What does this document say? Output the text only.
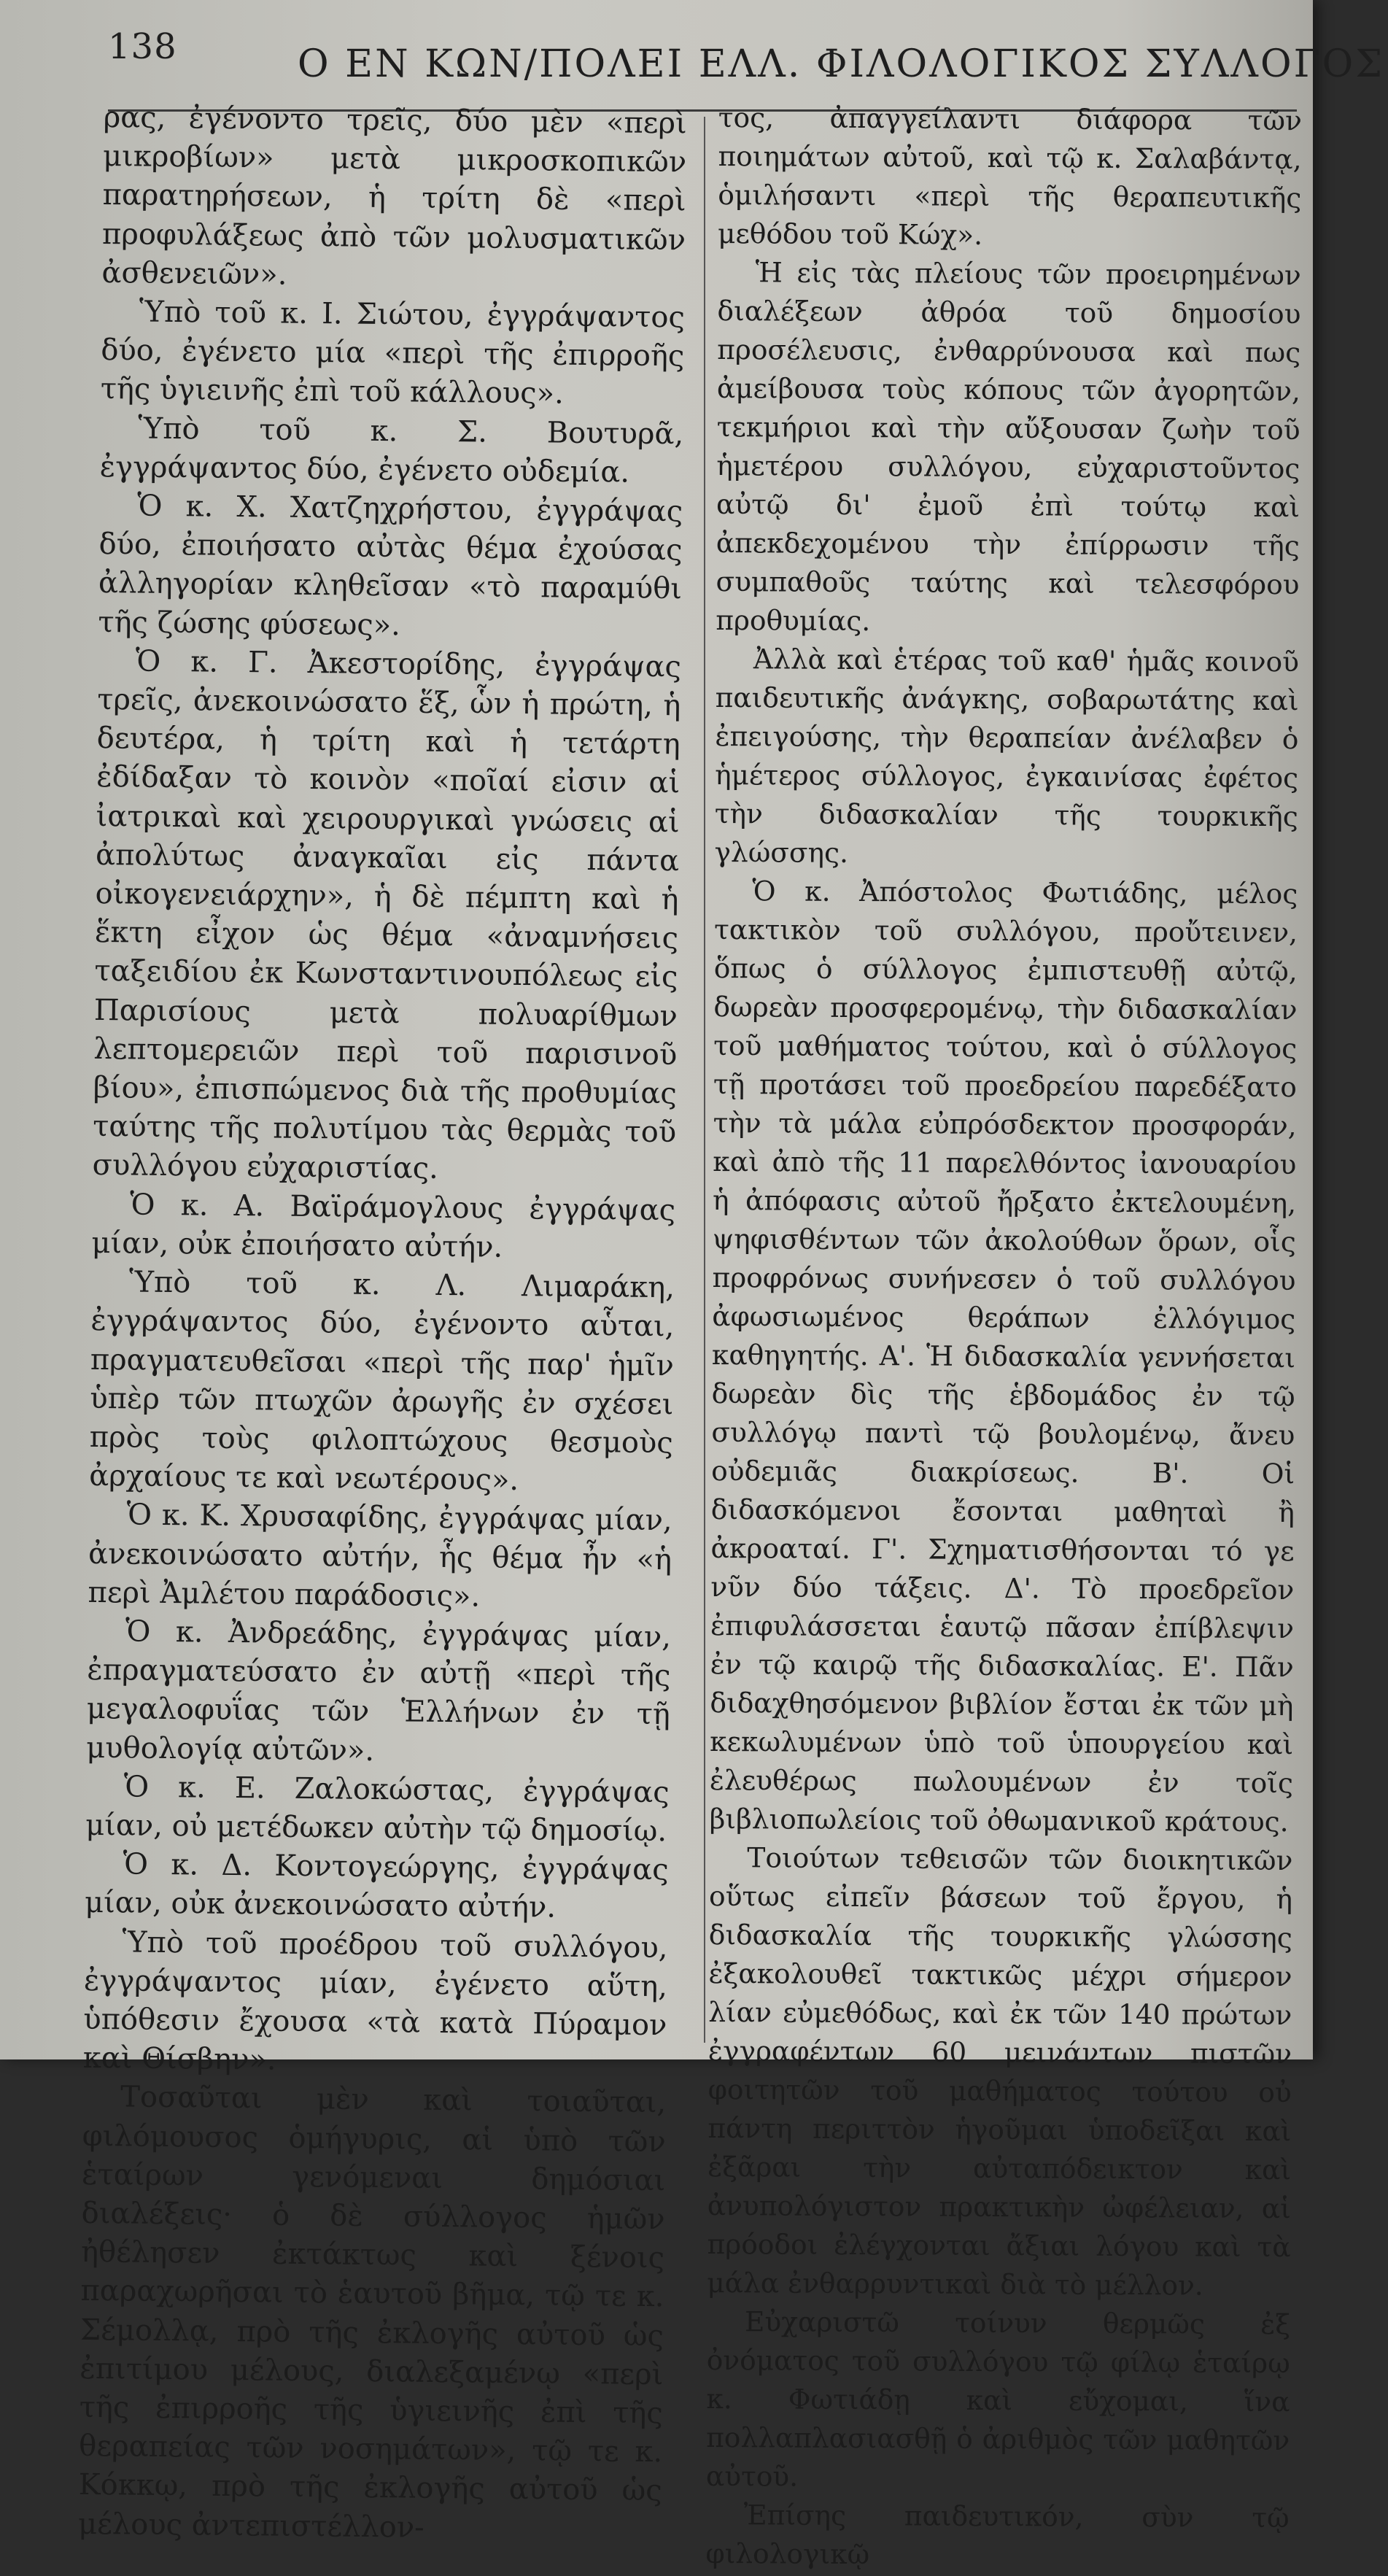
138	Ο ΕΝ ΚΩΝ/ΠΟΛΕΙ ΕΛΛ. ΦΙΛΟΛΟΓΙΚΟΣ ΣΥΛΛΟΓΟΣ

ρας, ἐγένοντο τρεῖς, δύο μὲν «περὶ μικροβίων» μετὰ μικροσκοπικῶν παρατηρήσεων, ἡ τρίτη δὲ «περὶ προφυλάξεως ἀπὸ τῶν μολυσματικῶν ἀσθενειῶν».

Ὑπὸ τοῦ κ. Ι. Σιώτου, ἐγγράψαντος δύο, ἐγένετο μία «περὶ τῆς ἐπιρροῆς τῆς ὑγιεινῆς ἐπὶ τοῦ κάλλους».

Ὑπὸ τοῦ κ. Σ. Βουτυρᾶ, ἐγγράψαντος δύο, ἐγένετο οὐδεμία.

Ὁ κ. Χ. Χατζηχρήστου, ἐγγράψας δύο, ἐποιήσατο αὐτὰς θέμα ἐχούσας ἀλληγορίαν κληθεῖσαν «τὸ παραμύθι τῆς ζώσης φύσεως».

Ὁ κ. Γ. Ἀκεστορίδης, ἐγγράψας τρεῖς, ἀνεκοινώσατο ἕξ, ὧν ἡ πρώτη, ἡ δευτέρα, ἡ τρίτη καὶ ἡ τετάρτη ἐδίδαξαν τὸ κοινὸν «ποῖαί εἰσιν αἱ ἰατρικαὶ καὶ χειρουργικαὶ γνώσεις αἱ ἀπολύτως ἀναγκαῖαι εἰς πάντα οἰκογενειάρχην», ἡ δὲ πέμπτη καὶ ἡ ἕκτη εἶχον ὡς θέμα «ἀναμνήσεις ταξειδίου ἐκ Κωνσταντινουπόλεως εἰς Παρισίους μετὰ πολυαρίθμων λεπτομερειῶν περὶ τοῦ παρισινοῦ βίου», ἐπισπώμενος διὰ τῆς προθυμίας ταύτης τῆς πολυτίμου τὰς θερμὰς τοῦ συλλόγου εὐχαριστίας.

Ὁ κ. Α. Βαϊράμογλους ἐγγράψας μίαν, οὐκ ἐποιήσατο αὐτήν.

Ὑπὸ τοῦ κ. Λ. Λιμαράκη, ἐγγράψαντος δύο, ἐγένοντο αὗται, πραγματευθεῖσαι «περὶ τῆς παρ' ἡμῖν ὑπὲρ τῶν πτωχῶν ἀρωγῆς ἐν σχέσει πρὸς τοὺς φιλοπτώχους θεσμοὺς ἀρχαίους τε καὶ νεωτέρους».

Ὁ κ. Κ. Χρυσαφίδης, ἐγγράψας μίαν, ἀνεκοινώσατο αὐτήν, ἧς θέμα ἦν «ἡ περὶ Ἀμλέτου παράδοσις».

Ὁ κ. Ἀνδρεάδης, ἐγγράψας μίαν, ἐπραγματεύσατο ἐν αὐτῇ «περὶ τῆς μεγαλοφυΐας τῶν Ἑλλήνων ἐν τῇ μυθολογίᾳ αὐτῶν».

Ὁ κ. Ε. Ζαλοκώστας, ἐγγράψας μίαν, οὐ μετέδωκεν αὐτὴν τῷ δημοσίῳ.

Ὁ κ. Δ. Κοντογεώργης, ἐγγράψας μίαν, οὐκ ἀνεκοινώσατο αὐτήν.

Ὑπὸ τοῦ προέδρου τοῦ συλλόγου, ἐγγράψαντος μίαν, ἐγένετο αὕτη, ὑπόθεσιν ἔχουσα «τὰ κατὰ Πύραμον καὶ Θίσβην».

Τοσαῦται μὲν καὶ τοιαῦται, φιλόμουσος ὁμήγυρις, αἱ ὑπὸ τῶν ἑταίρων γενόμεναι δημόσιαι διαλέξεις· ὁ δὲ σύλλογος ἡμῶν ἠθέλησεν ἐκτάκτως καὶ ξένοις παραχωρῆσαι τὸ ἑαυτοῦ βῆμα, τῷ τε κ. Σέμολλᾳ, πρὸ τῆς ἐκλογῆς αὐτοῦ ὡς ἐπιτίμου μέλους, διαλεξαμένῳ «περὶ τῆς ἐπιρροῆς τῆς ὑγιεινῆς ἐπὶ τῆς θεραπείας τῶν νοσημάτων», τῷ τε κ. Κόκκῳ, πρὸ τῆς ἐκλογῆς αὐτοῦ ὡς μέλους ἀντεπιστέλλον-

τος, ἀπαγγείλαντι διάφορα τῶν ποιημάτων αὐτοῦ, καὶ τῷ κ. Σαλαβάντᾳ, ὁμιλήσαντι «περὶ τῆς θεραπευτικῆς μεθόδου τοῦ Κώχ».

Ἡ εἰς τὰς πλείους τῶν προειρημένων διαλέξεων ἀθρόα τοῦ δημοσίου προσέλευσις, ἐνθαρρύνουσα καὶ πως ἀμείβουσα τοὺς κόπους τῶν ἀγορητῶν, τεκμήριοι καὶ τὴν αὔξουσαν ζωὴν τοῦ ἡμετέρου συλλόγου, εὐχαριστοῦντος αὐτῷ δι' ἐμοῦ ἐπὶ τούτῳ καὶ ἀπεκδεχομένου τὴν ἐπίρρωσιν τῆς συμπαθοῦς ταύτης καὶ τελεσφόρου προθυμίας.

Ἀλλὰ καὶ ἑτέρας τοῦ καθ' ἡμᾶς κοινοῦ παιδευτικῆς ἀνάγκης, σοβαρωτάτης καὶ ἐπειγούσης, τὴν θεραπείαν ἀνέλαβεν ὁ ἡμέτερος σύλλογος, ἐγκαινίσας ἐφέτος τὴν διδασκαλίαν τῆς τουρκικῆς γλώσσης.

Ὁ κ. Ἀπόστολος Φωτιάδης, μέλος τακτικὸν τοῦ συλλόγου, προὔτεινεν, ὅπως ὁ σύλλογος ἐμπιστευθῇ αὐτῷ, δωρεὰν προσφερομένῳ, τὴν διδασκαλίαν τοῦ μαθήματος τούτου, καὶ ὁ σύλλογος τῇ προτάσει τοῦ προεδρείου παρεδέξατο τὴν τὰ μάλα εὐπρόσδεκτον προσφοράν, καὶ ἀπὸ τῆς 11 παρελθόντος ἰανουαρίου ἡ ἀπόφασις αὐτοῦ ἤρξατο ἐκτελουμένη, ψηφισθέντων τῶν ἀκολούθων ὅρων, οἷς προφρόνως συνήνεσεν ὁ τοῦ συλλόγου ἀφωσιωμένος θεράπων ἐλλόγιμος καθηγητής. Α'. Ἡ διδασκαλία γεννήσεται δωρεὰν δὶς τῆς ἑβδομάδος ἐν τῷ συλλόγῳ παντὶ τῷ βουλομένῳ, ἄνευ οὐδεμιᾶς διακρίσεως. Β'. Οἱ διδασκόμενοι ἔσονται μαθηταὶ ἢ ἀκροαταί. Γ'. Σχηματισθήσονται τό γε νῦν δύο τάξεις. Δ'. Τὸ προεδρεῖον ἐπιφυλάσσεται ἑαυτῷ πᾶσαν ἐπίβλεψιν ἐν τῷ καιρῷ τῆς διδασκαλίας. Ε'. Πᾶν διδαχθησόμενον βιβλίον ἔσται ἐκ τῶν μὴ κεκωλυμένων ὑπὸ τοῦ ὑπουργείου καὶ ἐλευθέρως πωλουμένων ἐν τοῖς βιβλιοπωλείοις τοῦ ὀθωμανικοῦ κράτους.

Τοιούτων τεθεισῶν τῶν διοικητικῶν οὕτως εἰπεῖν βάσεων τοῦ ἔργου, ἡ διδασκαλία τῆς τουρκικῆς γλώσσης ἐξακολουθεῖ τακτικῶς μέχρι σήμερον λίαν εὐμεθόδως, καὶ ἐκ τῶν 140 πρώτων ἐγγραφέντων 60 μεινάντων πιστῶν φοιτητῶν τοῦ μαθήματος τούτου οὐ πάντη περιττὸν ἡγοῦμαι ὑποδεῖξαι καὶ ἐξᾶραι τὴν αὐταπόδεικτον καὶ ἀνυπολόγιστον πρακτικὴν ὠφέλειαν, αἱ πρόοδοι ἐλέγχονται ἄξιαι λόγου καὶ τὰ μάλα ἐνθαρρυντικαὶ διὰ τὸ μέλλον.

Εὐχαριστῶ τοίνυν θερμῶς ἐξ ὀνόματος τοῦ συλλόγου τῷ φίλῳ ἑταίρῳ κ. Φωτιάδῃ καὶ εὔχομαι, ἵνα πολλαπλασιασθῇ ὁ ἀριθμὸς τῶν μαθητῶν αὐτοῦ.

Ἐπίσης παιδευτικόν, σὺν τῷ φιλολογικῷ
